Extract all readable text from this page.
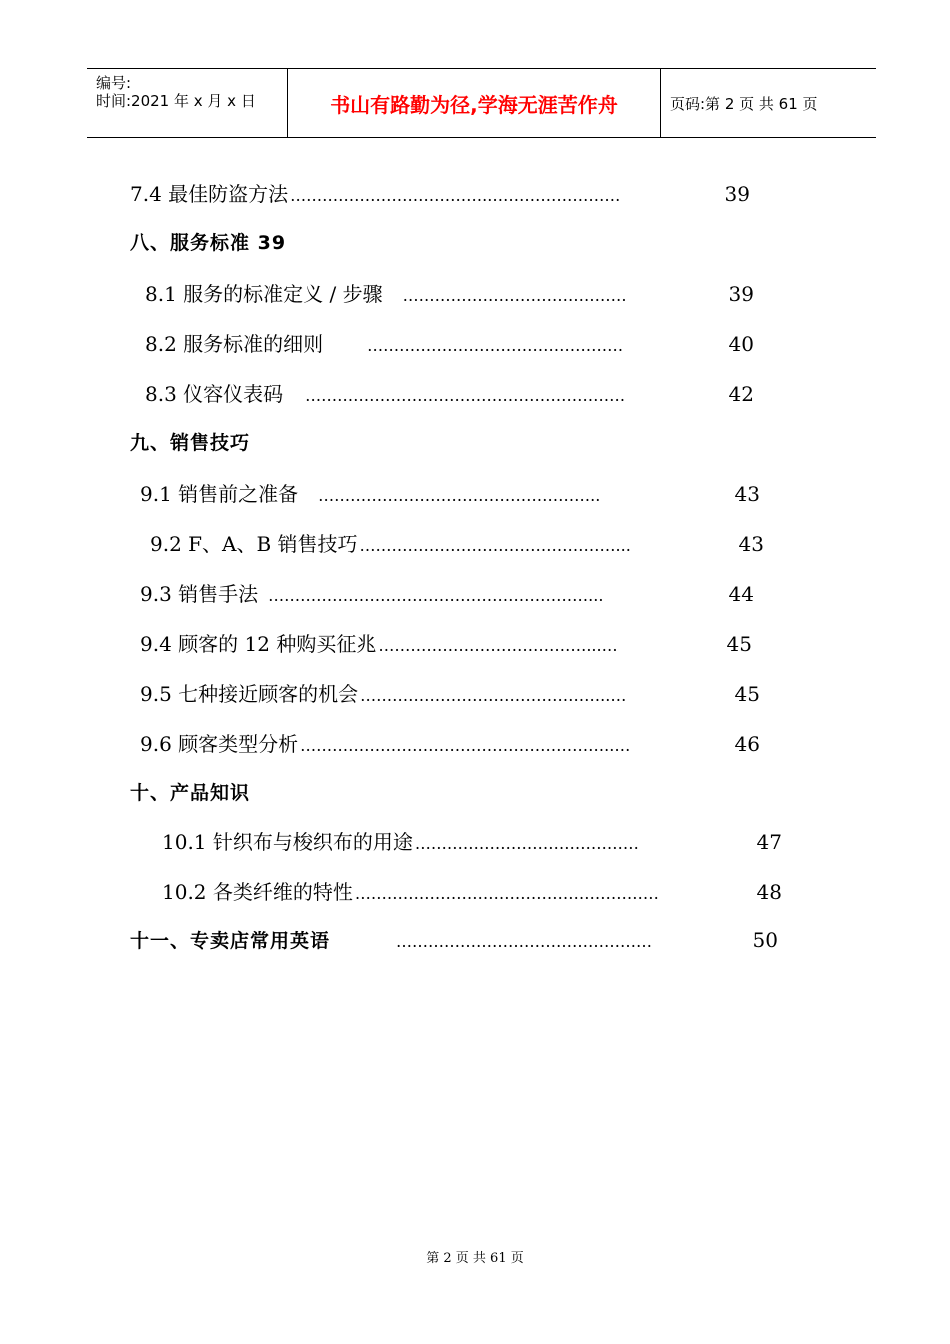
编号:
时间:2021 年 x 月 x 日	书山有路勤为径,学海无涯苦作舟	页码:第 2 页 共 61 页
7.4 最佳防盗方法 ………………………………..……………………	39
八、服务标准 39
8.1 服务的标准定义 / 步骤 ……………………………………	39
8.2 服务标准的细则	…………………………………………	40
8.3 仪容仪表码 ……………………………………………………	42
九、销售技巧
9.1 销售前之准备 ……………………………………………..	43
9.2 F、A、B 销售技巧 …………………………………………...	43
9.3 销售手法 ……………………………………………………...	44
9.4 顾客的 12 种购买征兆 …………………………………...…	45
9.5 七种接近顾客的机会 ………………………………………..…	45
9.6 顾客类型分析 …………………………………………………..…	46
十、产品知识
10.1 针织布与梭织布的用途 ……………………………………	47
10.2 各类纤维的特性 …………………………………………………	48
十一、专卖店常用英语	…………………………………………	50
第 2 页 共 61 页
